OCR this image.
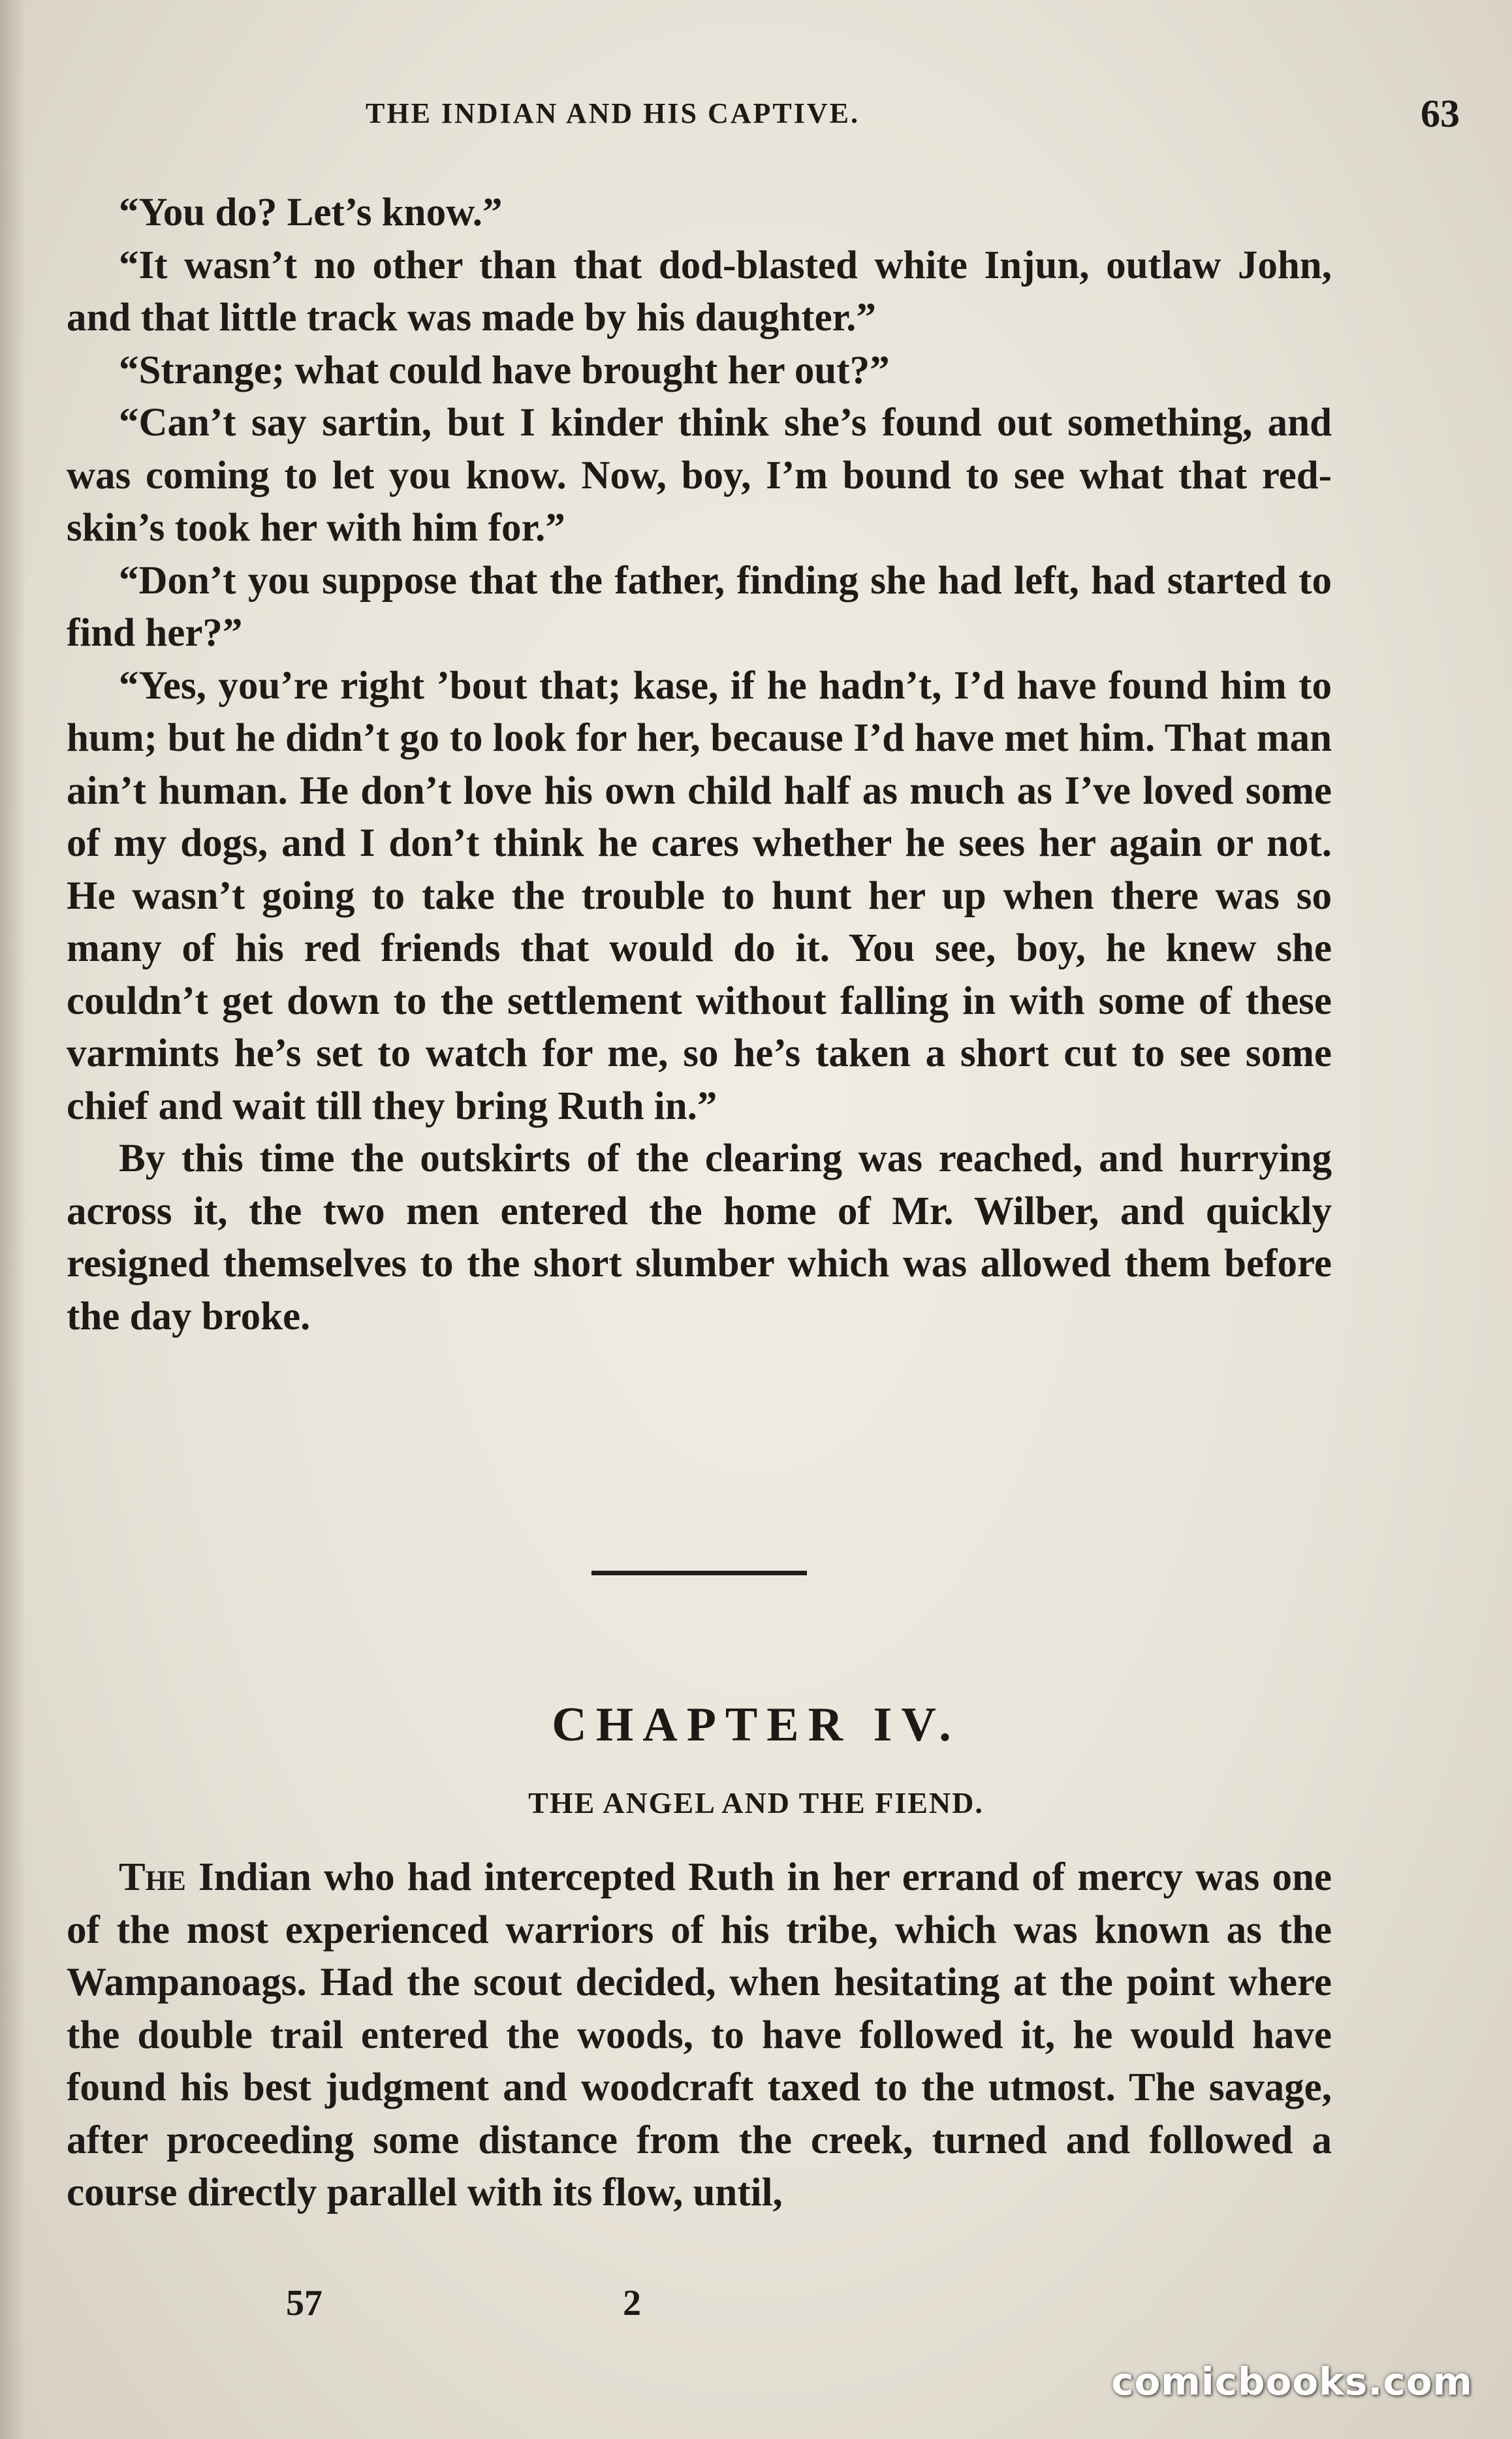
THE INDIAN AND HIS CAPTIVE.	63

“You do? Let’s know.”

“It wasn’t no other than that dod-blasted white Injun, outlaw John, and that little track was made by his daughter.”

“Strange; what could have brought her out?”

“Can’t say sartin, but I kinder think she’s found out something, and was coming to let you know. Now, boy, I’m bound to see what that red-skin’s took her with him for.”

“Don’t you suppose that the father, finding she had left, had started to find her?”

“Yes, you’re right ’bout that; kase, if he hadn’t, I’d have found him to hum; but he didn’t go to look for her, because I’d have met him. That man ain’t human. He don’t love his own child half as much as I’ve loved some of my dogs, and I don’t think he cares whether he sees her again or not. He wasn’t going to take the trouble to hunt her up when there was so many of his red friends that would do it. You see, boy, he knew she couldn’t get down to the settlement without falling in with some of these varmints he’s set to watch for me, so he’s taken a short cut to see some chief and wait till they bring Ruth in.”

By this time the outskirts of the clearing was reached, and hurrying across it, the two men entered the home of Mr. Wilber, and quickly resigned themselves to the short slumber which was allowed them before the day broke.

CHAPTER IV.
THE ANGEL AND THE FIEND.

The Indian who had intercepted Ruth in her errand of mercy was one of the most experienced warriors of his tribe, which was known as the Wampanoags. Had the scout decided, when hesitating at the point where the double trail entered the woods, to have followed it, he would have found his best judgment and woodcraft taxed to the utmost. The savage, after proceeding some distance from the creek, turned and followed a course directly parallel with its flow, until,

57	2
comicbooks.com
